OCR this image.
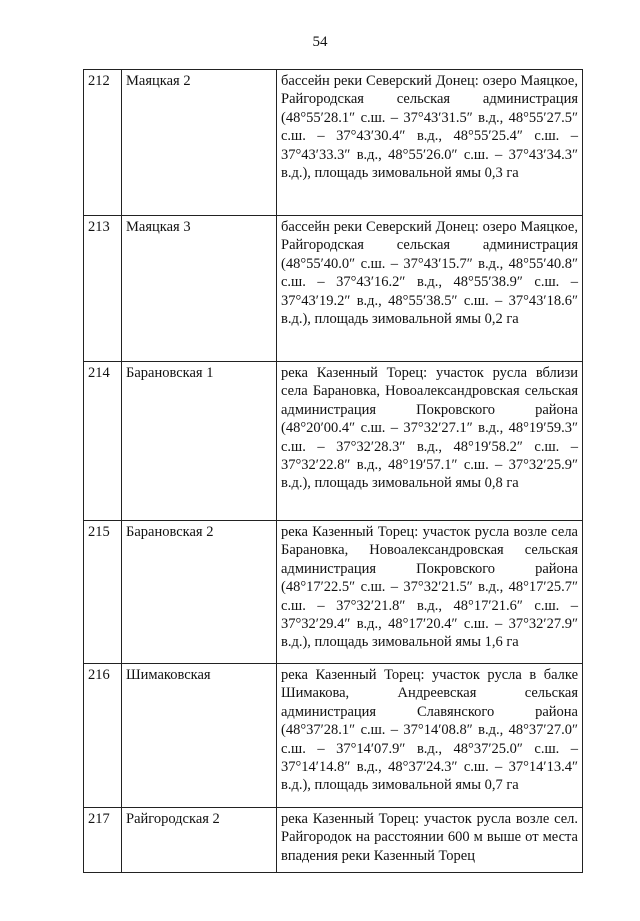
54
212	Маяцкая 2	бассейн реки Северский Донец: озеро Маяцкое, Райгородская сельская администрация (48°55′28.1″ с.ш. – 37°43′31.5″ в.д., 48°55′27.5″ с.ш. – 37°43′30.4″ в.д., 48°55′25.4″ с.ш. – 37°43′33.3″ в.д., 48°55′26.0″ с.ш. – 37°43′34.3″ в.д.), площадь зимовальной ямы 0,3 га
213	Маяцкая 3	бассейн реки Северский Донец: озеро Маяцкое, Райгородская сельская администрация (48°55′40.0″ с.ш. – 37°43′15.7″ в.д., 48°55′40.8″ с.ш. – 37°43′16.2″ в.д., 48°55′38.9″ с.ш. – 37°43′19.2″ в.д., 48°55′38.5″ с.ш. – 37°43′18.6″ в.д.), площадь зимовальной ямы 0,2 га
214	Барановская 1	река Казенный Торец: участок русла вблизи села Барановка, Новоалександровская сельская администрация Покровского района (48°20′00.4″ с.ш. – 37°32′27.1″ в.д., 48°19′59.3″ с.ш. – 37°32′28.3″ в.д., 48°19′58.2″ с.ш. – 37°32′22.8″ в.д., 48°19′57.1″ с.ш. – 37°32′25.9″ в.д.), площадь зимовальной ямы 0,8 га
215	Барановская 2	река Казенный Торец: участок русла возле села Барановка, Новоалександровская сельская администрация Покровского района (48°17′22.5″ с.ш. – 37°32′21.5″ в.д., 48°17′25.7″ с.ш. – 37°32′21.8″ в.д., 48°17′21.6″ с.ш. – 37°32′29.4″ в.д., 48°17′20.4″ с.ш. – 37°32′27.9″ в.д.), площадь зимовальной ямы 1,6 га
216	Шимаковская	река Казенный Торец: участок русла в балке Шимакова, Андреевская сельская администрация Славянского района (48°37′28.1″ с.ш. – 37°14′08.8″ в.д., 48°37′27.0″ с.ш. – 37°14′07.9″ в.д., 48°37′25.0″ с.ш. – 37°14′14.8″ в.д., 48°37′24.3″ с.ш. – 37°14′13.4″ в.д.), площадь зимовальной ямы 0,7 га
217	Райгородская 2	река Казенный Торец: участок русла возле сел. Райгородок на расстоянии 600 м выше от места впадения реки Казенный Торец
